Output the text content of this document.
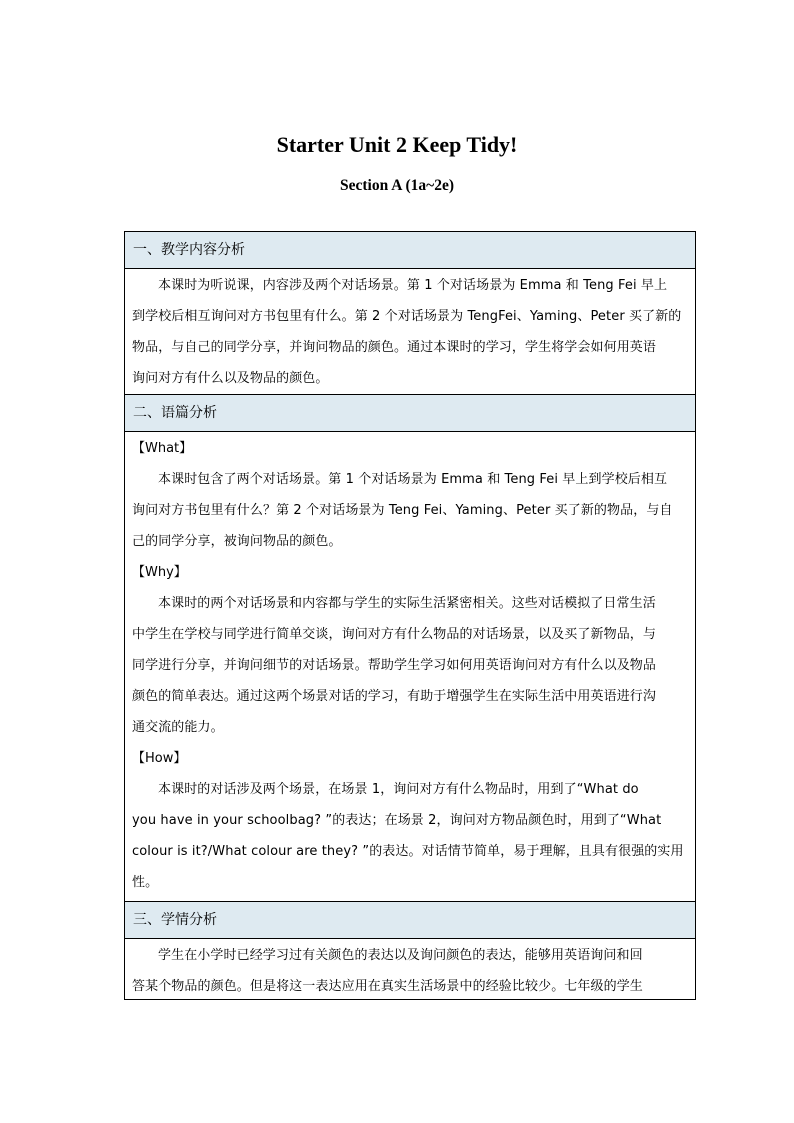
Starter Unit 2 Keep Tidy!
Section A (1a~2e)
一、教学内容分析

本课时为听说课，内容涉及两个对话场景。第 1 个对话场景为 Emma 和 Teng Fei 早上

到学校后相互询问对方书包里有什么。第 2 个对话场景为 TengFei、Yaming、Peter 买了新的
物品，与自己的同学分享，并询问物品的颜色。通过本课时的学习，学生将学会如何用英语
询问对方有什么以及物品的颜色。

二、语篇分析

【What】

本课时包含了两个对话场景。第 1 个对话场景为 Emma 和 Teng Fei 早上到学校后相互

询问对方书包里有什么？第 2 个对话场景为 Teng Fei、Yaming、Peter 买了新的物品，与自
己的同学分享，被询问物品的颜色。

【Why】

本课时的两个对话场景和内容都与学生的实际生活紧密相关。这些对话模拟了日常生活

中学生在学校与同学进行简单交谈，询问对方有什么物品的对话场景，以及买了新物品，与
同学进行分享，并询问细节的对话场景。帮助学生学习如何用英语询问对方有什么以及物品
颜色的简单表达。通过这两个场景对话的学习，有助于增强学生在实际生活中用英语进行沟
通交流的能力。

【How】

本课时的对话涉及两个场景，在场景 1，询问对方有什么物品时，用到了“What do

you have in your schoolbag? ”的表达；在场景 2，询问对方物品颜色时，用到了“What
colour is it?/What colour are they? ”的表达。对话情节简单，易于理解，且具有很强的实用
性。

三、学情分析

学生在小学时已经学习过有关颜色的表达以及询问颜色的表达，能够用英语询问和回

答某个物品的颜色。但是将这一表达应用在真实生活场景中的经验比较少。七年级的学生
